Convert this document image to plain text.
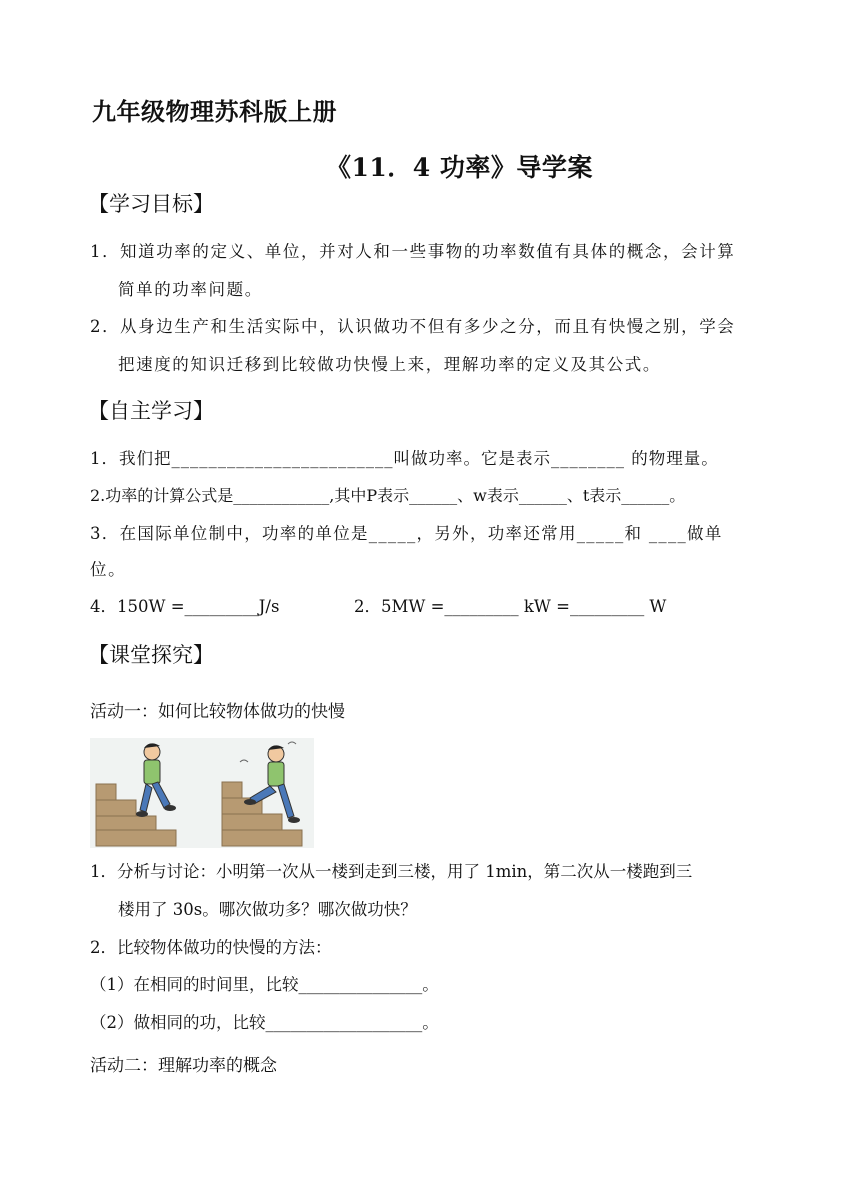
九年级物理苏科版上册
《11．4 功率》导学案
【学习目标】
1． 知道功率的定义、单位，并对人和一些事物的功率数值有具体的概念，会计算
简单的功率问题。
2． 从身边生产和生活实际中，认识做功不但有多少之分，而且有快慢之别，学会
把速度的知识迁移到比较做功快慢上来，理解功率的定义及其公式。
【自主学习】
1．我们把________________________叫做功率。它是表示________ 的物理量。
2.功率的计算公式是____________,其中P表示______、w表示______、t表示______。
3．在国际单位制中，功率的单位是_____，另外，功率还常用_____和 ____做单
位。
4．150W =_________J/s	2．5MW =_________ kW =_________ W
【课堂探究】
活动一：如何比较物体做功的快慢
1．分析与讨论：小明第一次从一楼到走到三楼，用了 1min，第二次从一楼跑到三
楼用了 30s。哪次做功多？哪次做功快？
2．比较物体做功的快慢的方法：
（1）在相同的时间里，比较_______________。
（2）做相同的功，比较___________________。
活动二：理解功率的概念
